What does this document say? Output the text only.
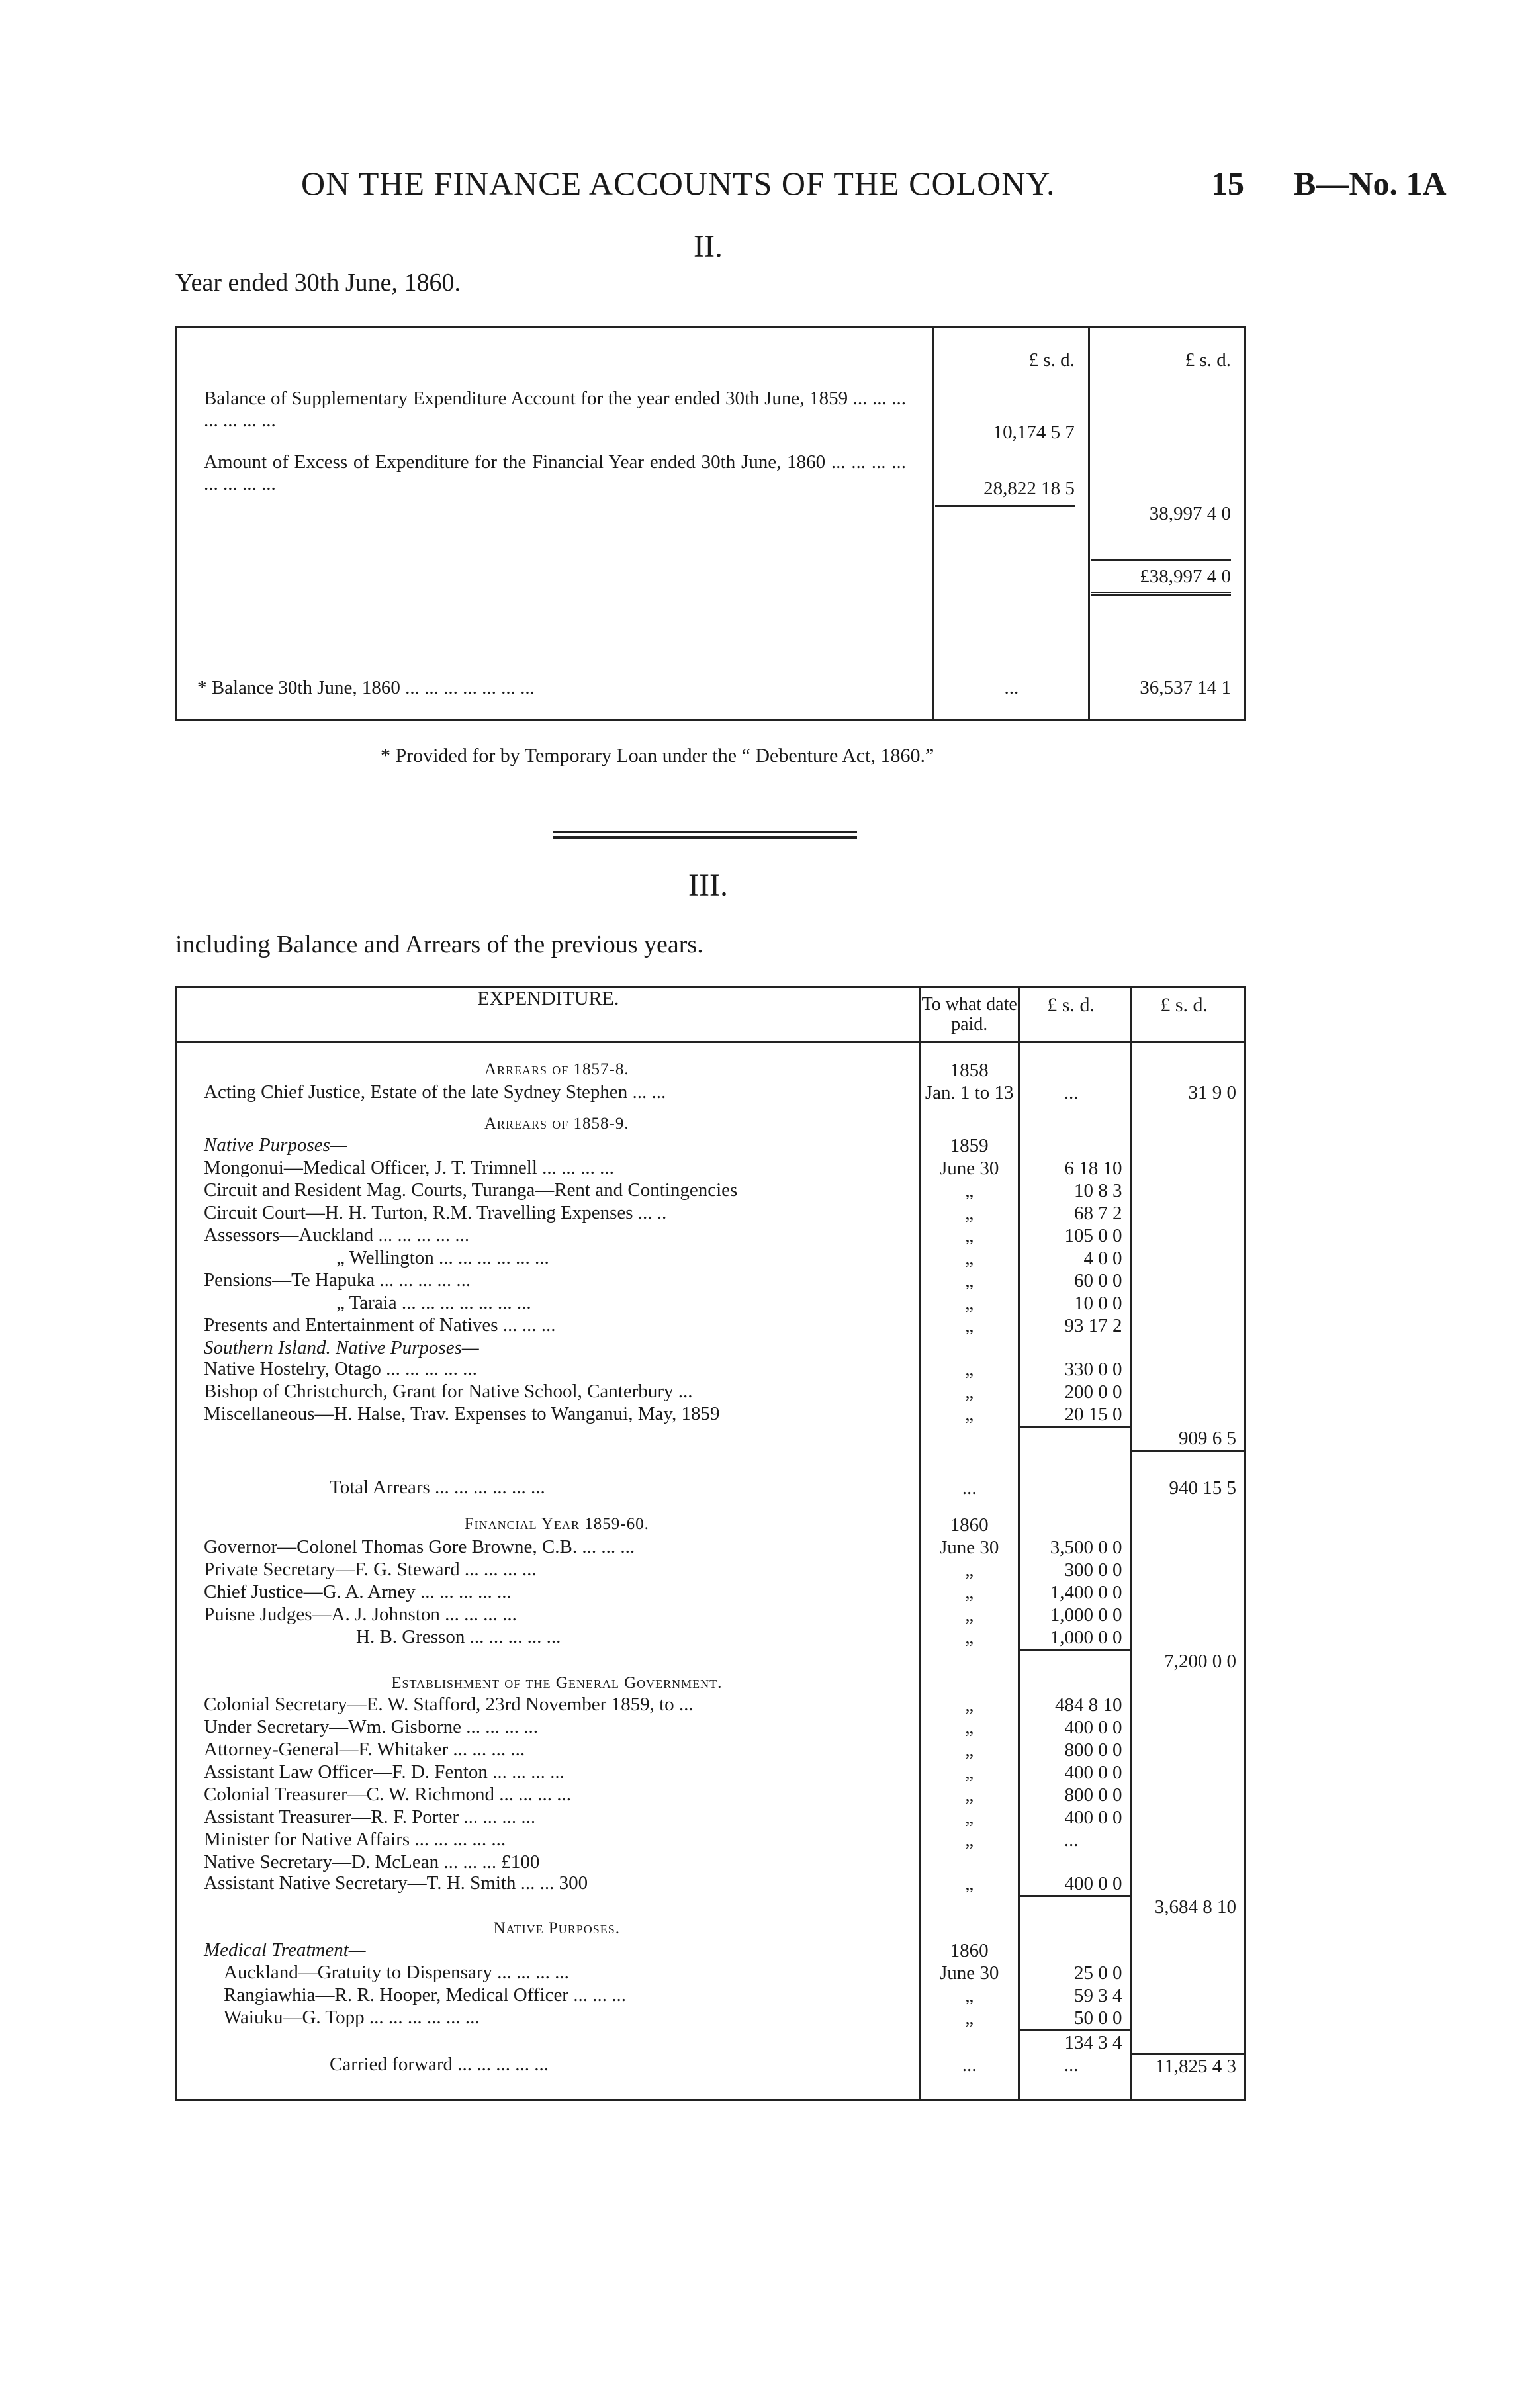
ON THE FINANCE ACCOUNTS OF THE COLONY.	15 B—No. 1A
II.
Year ended 30th June, 1860.
	£ s. d.	£ s. d.
Balance of Supplementary Expenditure Account for the year ended 30th June, 1859 ... ... ... ... ... ... ...	10,174 5 7	
Amount of Excess of Expenditure for the Financial Year ended 30th June, 1860 ... ... ... ... ... ... ... ...	28,822 18 5	38,997 4 0

		£38,997 4 0

* Balance 30th June, 1860 ... ... ... ... ... ... ...	...	36,537 14 1
* Provided for by Temporary Loan under the “ Debenture Act, 1860.”
III.
including Balance and Arrears of the previous years.
EXPENDITURE.	To what date paid.	£ s. d.	£ s. d.

Arrears of 1857-8.	1858		
Acting Chief Justice, Estate of the late Sydney Stephen ... ...	Jan. 1 to 13	...	31 9 0

Arrears of 1858-9.			
Native Purposes—	1859		
Mongonui—Medical Officer, J. T. Trimnell ... ... ... ...	June 30	6 18 10	
Circuit and Resident Mag. Courts, Turanga—Rent and Contingencies	„	10 8 3	
Circuit Court—H. H. Turton, R.M. Travelling Expenses ... ..	„	68 7 2	
Assessors—Auckland ... ... ... ... ...	„	105 0 0	
„ Wellington ... ... ... ... ... ...	„	4 0 0	
Pensions—Te Hapuka ... ... ... ... ...	„	60 0 0	
„ Taraia ... ... ... ... ... ... ...	„	10 0 0	
Presents and Entertainment of Natives ... ... ...	„	93 17 2	
Southern Island. Native Purposes—			
Native Hostelry, Otago ... ... ... ... ...	„	330 0 0	
Bishop of Christchurch, Grant for Native School, Canterbury ...	„	200 0 0	
Miscellaneous—H. Halse, Trav. Expenses to Wanganui, May, 1859	„	20 15 0	
			909 6 5

Total Arrears ... ... ... ... ... ...	...		940 15 5

Financial Year 1859-60.	1860		
Governor—Colonel Thomas Gore Browne, C.B. ... ... ...	June 30	3,500 0 0	
Private Secretary—F. G. Steward ... ... ... ...	„	300 0 0	
Chief Justice—G. A. Arney ... ... ... ... ...	„	1,400 0 0	
Puisne Judges—A. J. Johnston ... ... ... ...	„	1,000 0 0	
H. B. Gresson ... ... ... ... ...	„	1,000 0 0	
			7,200 0 0
Establishment of the General Government.			
Colonial Secretary—E. W. Stafford, 23rd November 1859, to ...	„	484 8 10	
Under Secretary—Wm. Gisborne ... ... ... ...	„	400 0 0	
Attorney-General—F. Whitaker ... ... ... ...	„	800 0 0	
Assistant Law Officer—F. D. Fenton ... ... ... ...	„	400 0 0	
Colonial Treasurer—C. W. Richmond ... ... ... ...	„	800 0 0	
Assistant Treasurer—R. F. Porter ... ... ... ...	„	400 0 0	
Minister for Native Affairs ... ... ... ... ...	„	...	
Native Secretary—D. McLean ... ... ... £100			
Assistant Native Secretary—T. H. Smith ... ... 300	„	400 0 0	
			3,684 8 10
Native Purposes.			
Medical Treatment—	1860		
Auckland—Gratuity to Dispensary ... ... ... ...	June 30	25 0 0	
Rangiawhia—R. R. Hooper, Medical Officer ... ... ...	„	59 3 4	
Waiuku—G. Topp ... ... ... ... ... ...	„	50 0 0	
		134 3 4	
Carried forward ... ... ... ... ...	...	...	11,825 4 3
